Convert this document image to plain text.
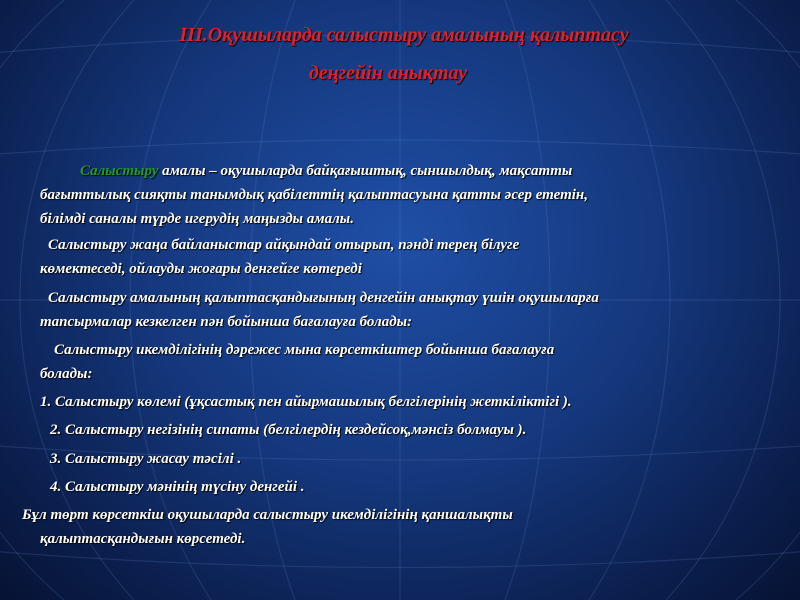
III.Оқушыларда салыстыру амалының қалыптасу
деңгейін анықтау
Салыстыру амалы – оқушыларда байқағыштық, сыншылдық, мақсатты
бағыттылық сияқты танымдық қабілеттің қалыптасуына қатты әсер ететін,
білімді саналы түрде игерудің маңызды амалы.
Салыстыру жаңа байланыстар айқындай отырып, пәнді терең білуге
көмектеседі, ойлауды жоғары денгейге көтереді
Салыстыру амалының қалыптасқандығының денгейін анықтау үшін оқушыларға
тапсырмалар кезкелген пән бойынша бағалауға болады:
Салыстыру икемділігінің дәрежес мына көрсеткіштер бойынша бағалауға
болады:
1. Салыстыру көлемі (ұқсастық пен айырмашылық белгілерінің жеткіліктігі ).
2. Салыстыру негізінің сипаты (белгілердің кездейсоқ,мәнсіз болмауы ).
3. Салыстыру жасау тәсілі .
4. Салыстыру мәнінің түсіну денгейі .
Бұл төрт көрсеткіш оқушыларда салыстыру икемділігінің қаншалықты
қалыптасқандығын көрсетеді.
